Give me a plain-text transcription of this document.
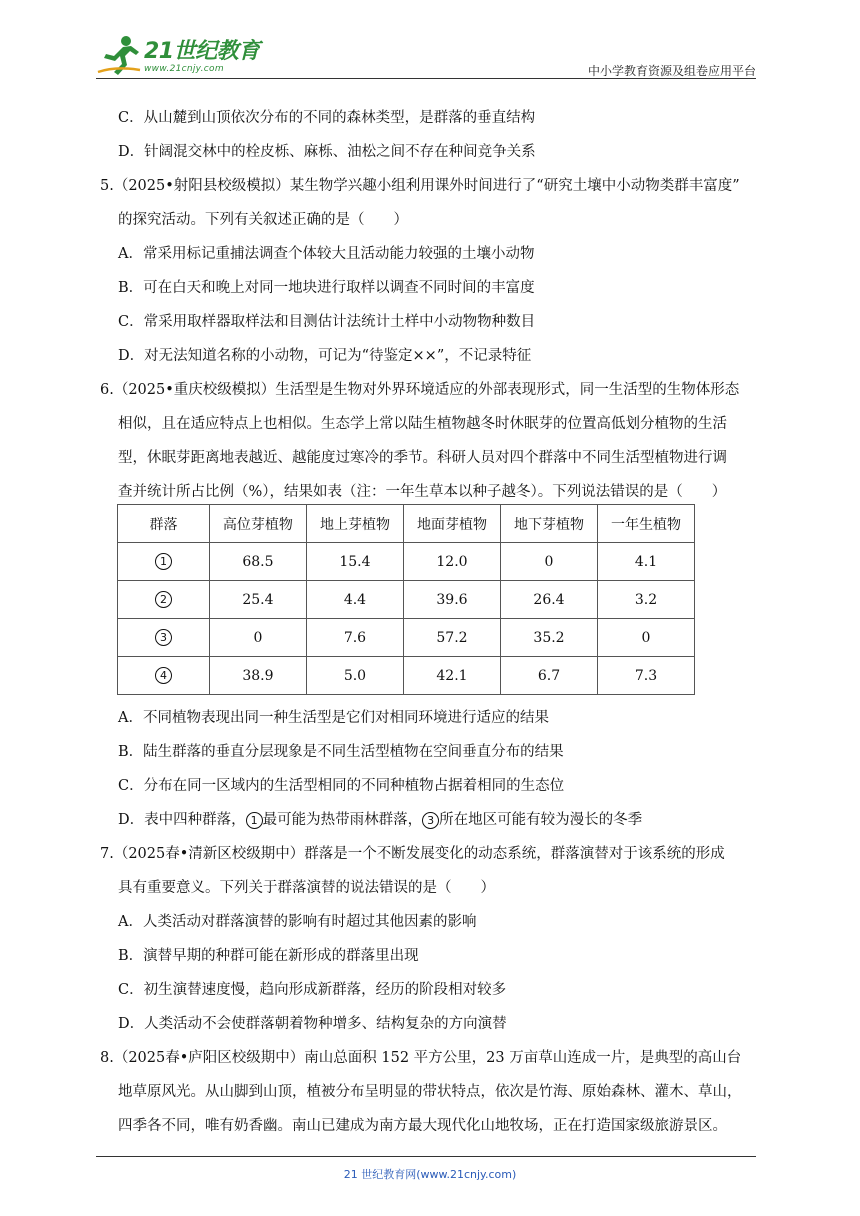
21世纪教育
www.21cnjy.com	中小学教育资源及组卷应用平台
C．从山麓到山顶依次分布的不同的森林类型，是群落的垂直结构
D．针阔混交林中的栓皮栎、麻栎、油松之间不存在种间竞争关系
5.（2025•射阳县校级模拟）某生物学兴趣小组利用课外时间进行了“研究土壤中小动物类群丰富度”
的探究活动。下列有关叙述正确的是（　　）
A．常采用标记重捕法调查个体较大且活动能力较强的土壤小动物
B．可在白天和晚上对同一地块进行取样以调查不同时间的丰富度
C．常采用取样器取样法和目测估计法统计土样中小动物物种数目
D．对无法知道名称的小动物，可记为“待鉴定××”，不记录特征
6.（2025•重庆校级模拟）生活型是生物对外界环境适应的外部表现形式，同一生活型的生物体形态
相似，且在适应特点上也相似。生态学上常以陆生植物越冬时休眠芽的位置高低划分植物的生活
型，休眠芽距离地表越近、越能度过寒冷的季节。科研人员对四个群落中不同生活型植物进行调
查并统计所占比例（%），结果如表（注：一年生草本以种子越冬）。下列说法错误的是（　　）
群落	高位芽植物	地上芽植物	地面芽植物	地下芽植物	一年生植物
1	68.5	15.4	12.0	0	4.1
2	25.4	4.4	39.6	26.4	3.2
3	0	7.6	57.2	35.2	0
4	38.9	5.0	42.1	6.7	7.3
A．不同植物表现出同一种生活型是它们对相同环境进行适应的结果
B．陆生群落的垂直分层现象是不同生活型植物在空间垂直分布的结果
C．分布在同一区域内的生活型相同的不同种植物占据着相同的生态位
D．表中四种群落， 1 最可能为热带雨林群落， 3 所在地区可能有较为漫长的冬季
7.（2025春•清新区校级期中）群落是一个不断发展变化的动态系统，群落演替对于该系统的形成
具有重要意义。下列关于群落演替的说法错误的是（　　）
A．人类活动对群落演替的影响有时超过其他因素的影响
B．演替早期的种群可能在新形成的群落里出现
C．初生演替速度慢，趋向形成新群落，经历的阶段相对较多
D．人类活动不会使群落朝着物种增多、结构复杂的方向演替
8.（2025春•庐阳区校级期中）南山总面积 152 平方公里，23 万亩草山连成一片，是典型的高山台
地草原风光。从山脚到山顶，植被分布呈明显的带状特点，依次是竹海、原始森林、灌木、草山，
四季各不同，唯有奶香幽。南山已建成为南方最大现代化山地牧场，正在打造国家级旅游景区。
21 世纪教育网(www.21cnjy.com)
